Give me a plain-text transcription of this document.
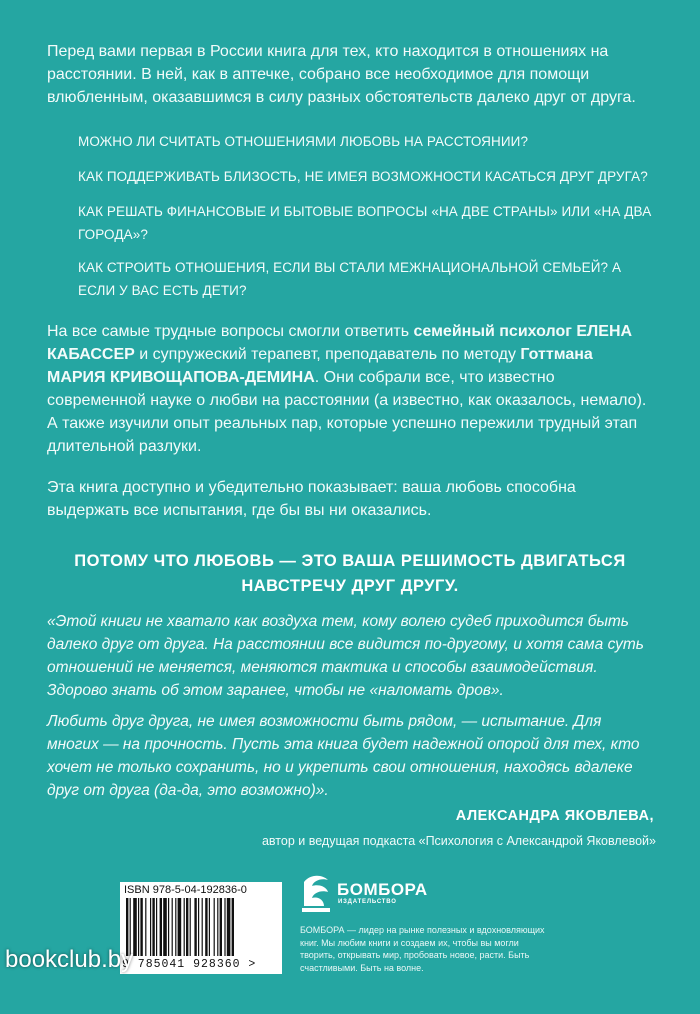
Перед вами первая в России книга для тех, кто находится в отношениях на расстоянии. В ней, как в аптечке, собрано все необходимое для помощи влюбленным, оказавшимся в силу разных обстоятельств далеко друг от друга.
МОЖНО ЛИ СЧИТАТЬ ОТНОШЕНИЯМИ ЛЮБОВЬ НА РАССТОЯНИИ?
КАК ПОДДЕРЖИВАТЬ БЛИЗОСТЬ, НЕ ИМЕЯ ВОЗМОЖНОСТИ КАСАТЬСЯ ДРУГ ДРУГА?
КАК РЕШАТЬ ФИНАНСОВЫЕ И БЫТОВЫЕ ВОПРОСЫ «НА ДВЕ СТРАНЫ» ИЛИ «НА ДВА ГОРОДА»?
КАК СТРОИТЬ ОТНОШЕНИЯ, ЕСЛИ ВЫ СТАЛИ МЕЖНАЦИОНАЛЬНОЙ СЕМЬЕЙ? А ЕСЛИ У ВАС ЕСТЬ ДЕТИ?
На все самые трудные вопросы смогли ответить семейный психолог ЕЛЕНА КАБАССЕР и супружеский терапевт, преподаватель по методу Готтмана МАРИЯ КРИВОЩАПОВА-ДЕМИНА. Они собрали все, что известно современной науке о любви на расстоянии (а известно, как оказалось, немало). А также изучили опыт реальных пар, которые успешно пережили трудный этап длительной разлуки.
Эта книга доступно и убедительно показывает: ваша любовь способна выдержать все испытания, где бы вы ни оказались.
ПОТОМУ ЧТО ЛЮБОВЬ — ЭТО ВАША РЕШИМОСТЬ ДВИГАТЬСЯ
НАВСТРЕЧУ ДРУГ ДРУГУ.

«Этой книги не хватало как воздуха тем, кому волею судеб приходится быть далеко друг от друга. На расстоянии все видится по-другому, и хотя сама суть отношений не меняется, меняются тактика и способы взаимодействия. Здорово знать об этом заранее, чтобы не «наломать дров».

Любить друг друга, не имея возможности быть рядом, — испытание. Для многих — на прочность. Пусть эта книга будет надежной опорой для тех, кто хочет не только сохранить, но и укрепить свои отношения, находясь вдалеке друг от друга (да-да, это возможно)».

АЛЕКСАНДРА ЯКОВЛЕВА,
автор и ведущая подкаста «Психология с Александрой Яковлевой»
ISBN 978-5-04-192836-0
9 785041 928360 >
БОМБОРА
ИЗДАТЕЛЬСТВО
БОМБОРА — лидер на рынке полезных и вдохновляющих книг. Мы любим книги и создаем их, чтобы вы могли творить, открывать мир, пробовать новое, расти. Быть счастливыми. Быть на волне.
bookclub.by
